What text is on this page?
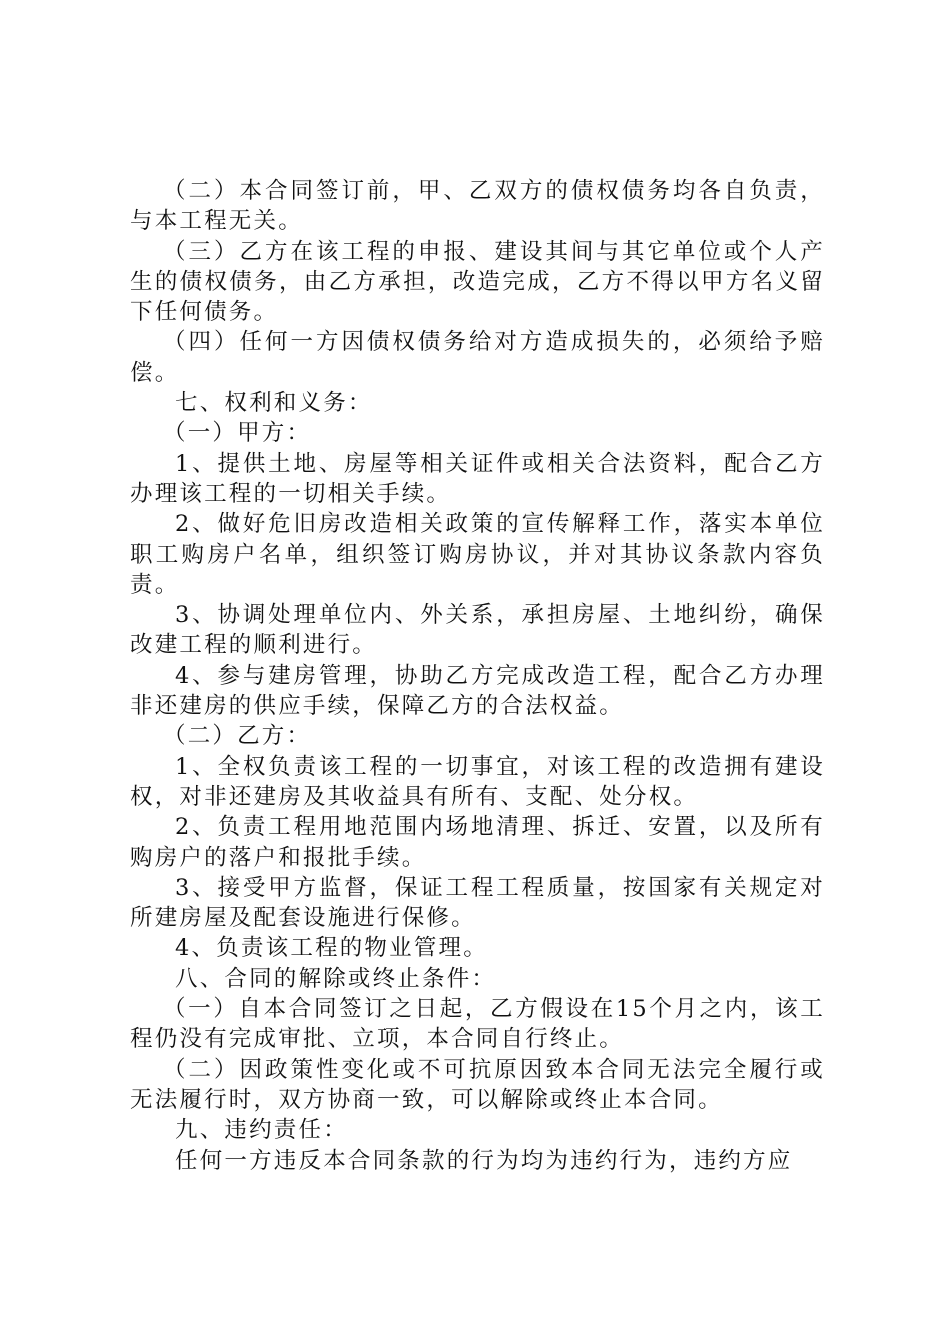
（二）本合同签订前，甲、乙双方的债权债务均各自负责，与本工程无关。

（三）乙方在该工程的申报、建设其间与其它单位或个人产生的债权债务，由乙方承担，改造完成，乙方不得以甲方名义留下任何债务。

（四）任何一方因债权债务给对方造成损失的，必须给予赔偿。

七、权利和义务：

（一）甲方：

1、提供土地、房屋等相关证件或相关合法资料，配合乙方办理该工程的一切相关手续。

2、做好危旧房改造相关政策的宣传解释工作，落实本单位职工购房户名单，组织签订购房协议，并对其协议条款内容负责。

3、协调处理单位内、外关系，承担房屋、土地纠纷，确保改建工程的顺利进行。

4、参与建房管理，协助乙方完成改造工程，配合乙方办理非还建房的供应手续，保障乙方的合法权益。

（二）乙方：

1、全权负责该工程的一切事宜，对该工程的改造拥有建设权，对非还建房及其收益具有所有、支配、处分权。

2、负责工程用地范围内场地清理、拆迁、安置，以及所有购房户的落户和报批手续。

3、接受甲方监督，保证工程工程质量，按国家有关规定对所建房屋及配套设施进行保修。

4、负责该工程的物业管理。

八、合同的解除或终止条件：

（一）自本合同签订之日起，乙方假设在15个月之内，该工程仍没有完成审批、立项，本合同自行终止。

（二）因政策性变化或不可抗原因致本合同无法完全履行或无法履行时，双方协商一致，可以解除或终止本合同。

九、违约责任：

任何一方违反本合同条款的行为均为违约行为，违约方应
